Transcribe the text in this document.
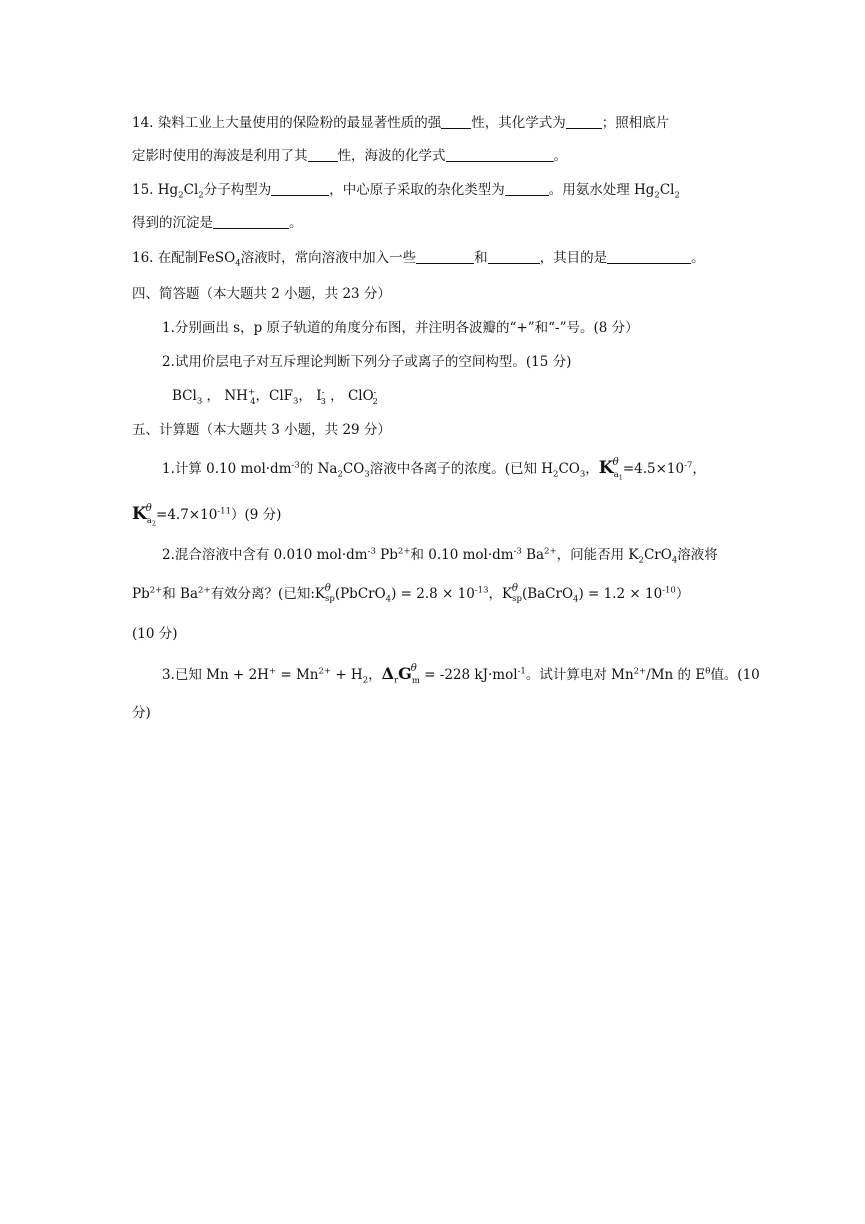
14. 染料工业上大量使用的保险粉的最显著性质的强 性，其化学式为	；照相底片
定影时使用的海波是利用了其 性，海波的化学式	。
15. $Hg_2Cl_2$分子构型为	，中心原子采取的杂化类型为	。用氨水处理 $Hg_2Cl_2$
得到的沉淀是	。
16. 在配制FeSO$_4$溶液时，常向溶液中加入一些	和	，其目的是	。
四、简答题（本大题共 2 小题，共 23 分）
1.分别画出 s，p 原子轨道的角度分布图，并注明各波瓣的“+”和“-”号。(8 分）
2.试用价层电子对互斥理论判断下列分子或离子的空间构型。(15 分)
BCl$_3$ ， $NH^+_4$，ClF$_3$， $I^-_3$ ， ClO-$_2$
五、计算题（本大题共 3 小题，共 29 分）
1.计算 0.10 $mol\cdot dm^{-3}$的 $Na_2CO_3$溶液中各离子的浓度。(已知 $H_2CO_3$，$K^\theta_{a_1}=4.5\times 10^{-7}$，
$K^\theta_{a_2}=4.7\times 10^{-11})(9$ 分)
2.混合溶液中含有 0.010 $mol\cdot dm^{-3}$ $Pb^{2+}$和 0.10 $mol\cdot dm^{-3}$ $Ba^{2+}$，问能否用 $K_2CrO_4$溶液将
$Pb^{2+}$和 $Ba^{2+}$有效分离？(已知$:K_{sp}^\theta$ (PbCrO$_4$) = $2.8 \times 10^{-13}$，$K_{sp}^\theta$ (BaCrO$_4$) = $1.2 \times 10^{-10}$）
(10 分)
3.已知 $Mn + 2H^+ = Mn^{2+} + H_2$，$\Delta_rG^\theta_m = -228$ kJ·mol$^{-1}$。试计算电对 $Mn^{2+}/Mn$ 的 $E^\theta$值。(10
分)
